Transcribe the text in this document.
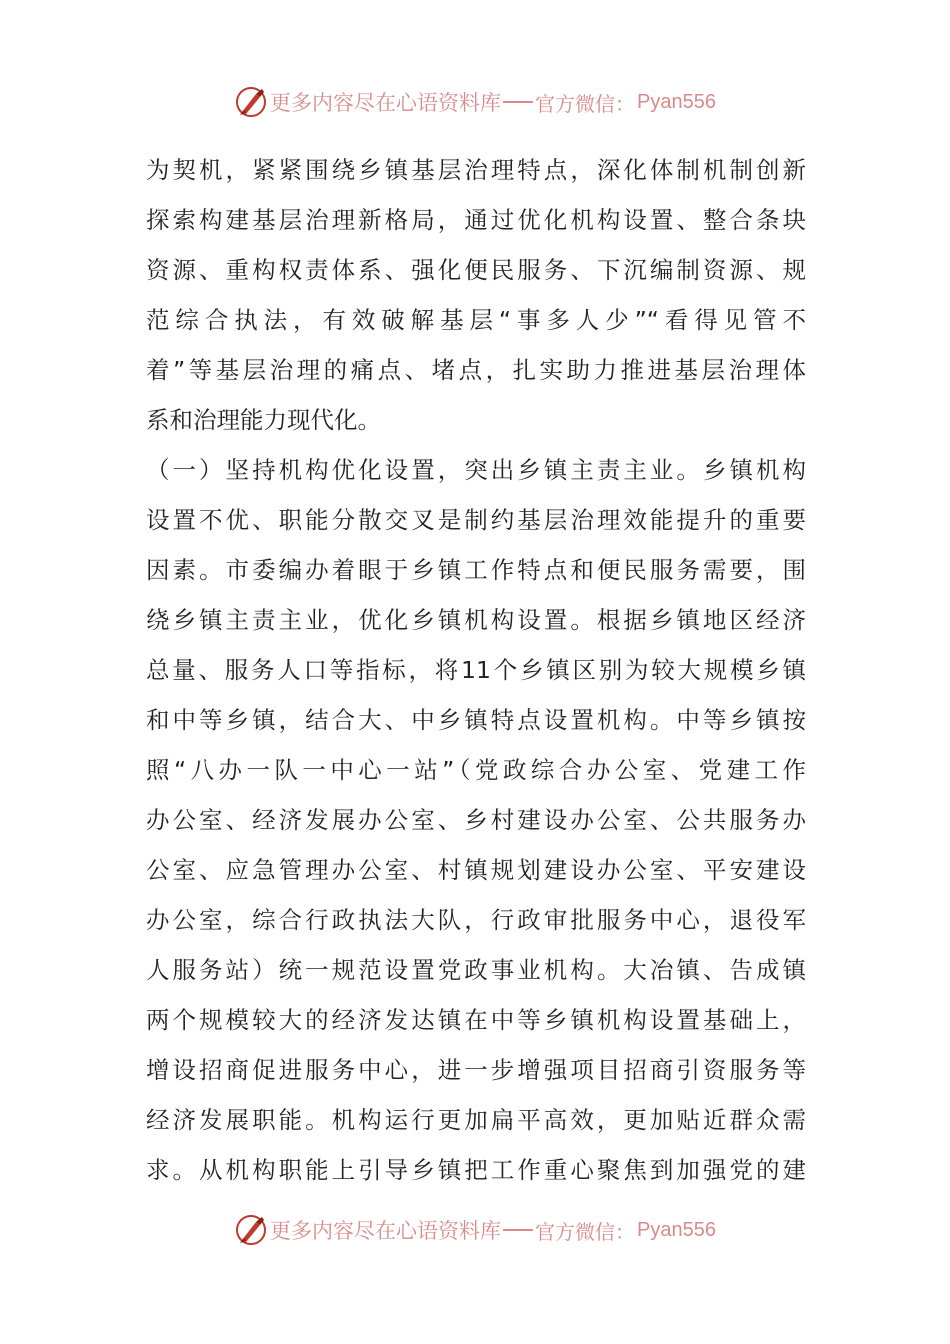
更多内容尽在心语资料库 官方微信： Pyan556
为契机，紧紧围绕乡镇基层治理特点，深化体制机制创新
探索构建基层治理新格局，通过优化机构设置、整合条块
资源、重构权责体系、强化便民服务、下沉编制资源、规
范综合执法，有效破解基层“事多人少”“看得见管不
着”等基层治理的痛点、堵点，扎实助力推进基层治理体
系和治理能力现代化。
（一）坚持机构优化设置，突出乡镇主责主业。乡镇机构
设置不优、职能分散交叉是制约基层治理效能提升的重要
因素。市委编办着眼于乡镇工作特点和便民服务需要，围
绕乡镇主责主业，优化乡镇机构设置。根据乡镇地区经济
总量、服务人口等指标，将11个乡镇区别为较大规模乡镇
和中等乡镇，结合大、中乡镇特点设置机构。中等乡镇按
照“八办一队一中心一站”（党政综合办公室、党建工作
办公室、经济发展办公室、乡村建设办公室、公共服务办
公室、应急管理办公室、村镇规划建设办公室、平安建设
办公室，综合行政执法大队，行政审批服务中心，退役军
人服务站）统一规范设置党政事业机构。大冶镇、告成镇
两个规模较大的经济发达镇在中等乡镇机构设置基础上，
增设招商促进服务中心，进一步增强项目招商引资服务等
经济发展职能。机构运行更加扁平高效，更加贴近群众需
求。从机构职能上引导乡镇把工作重心聚焦到加强党的建
更多内容尽在心语资料库 官方微信： Pyan556
